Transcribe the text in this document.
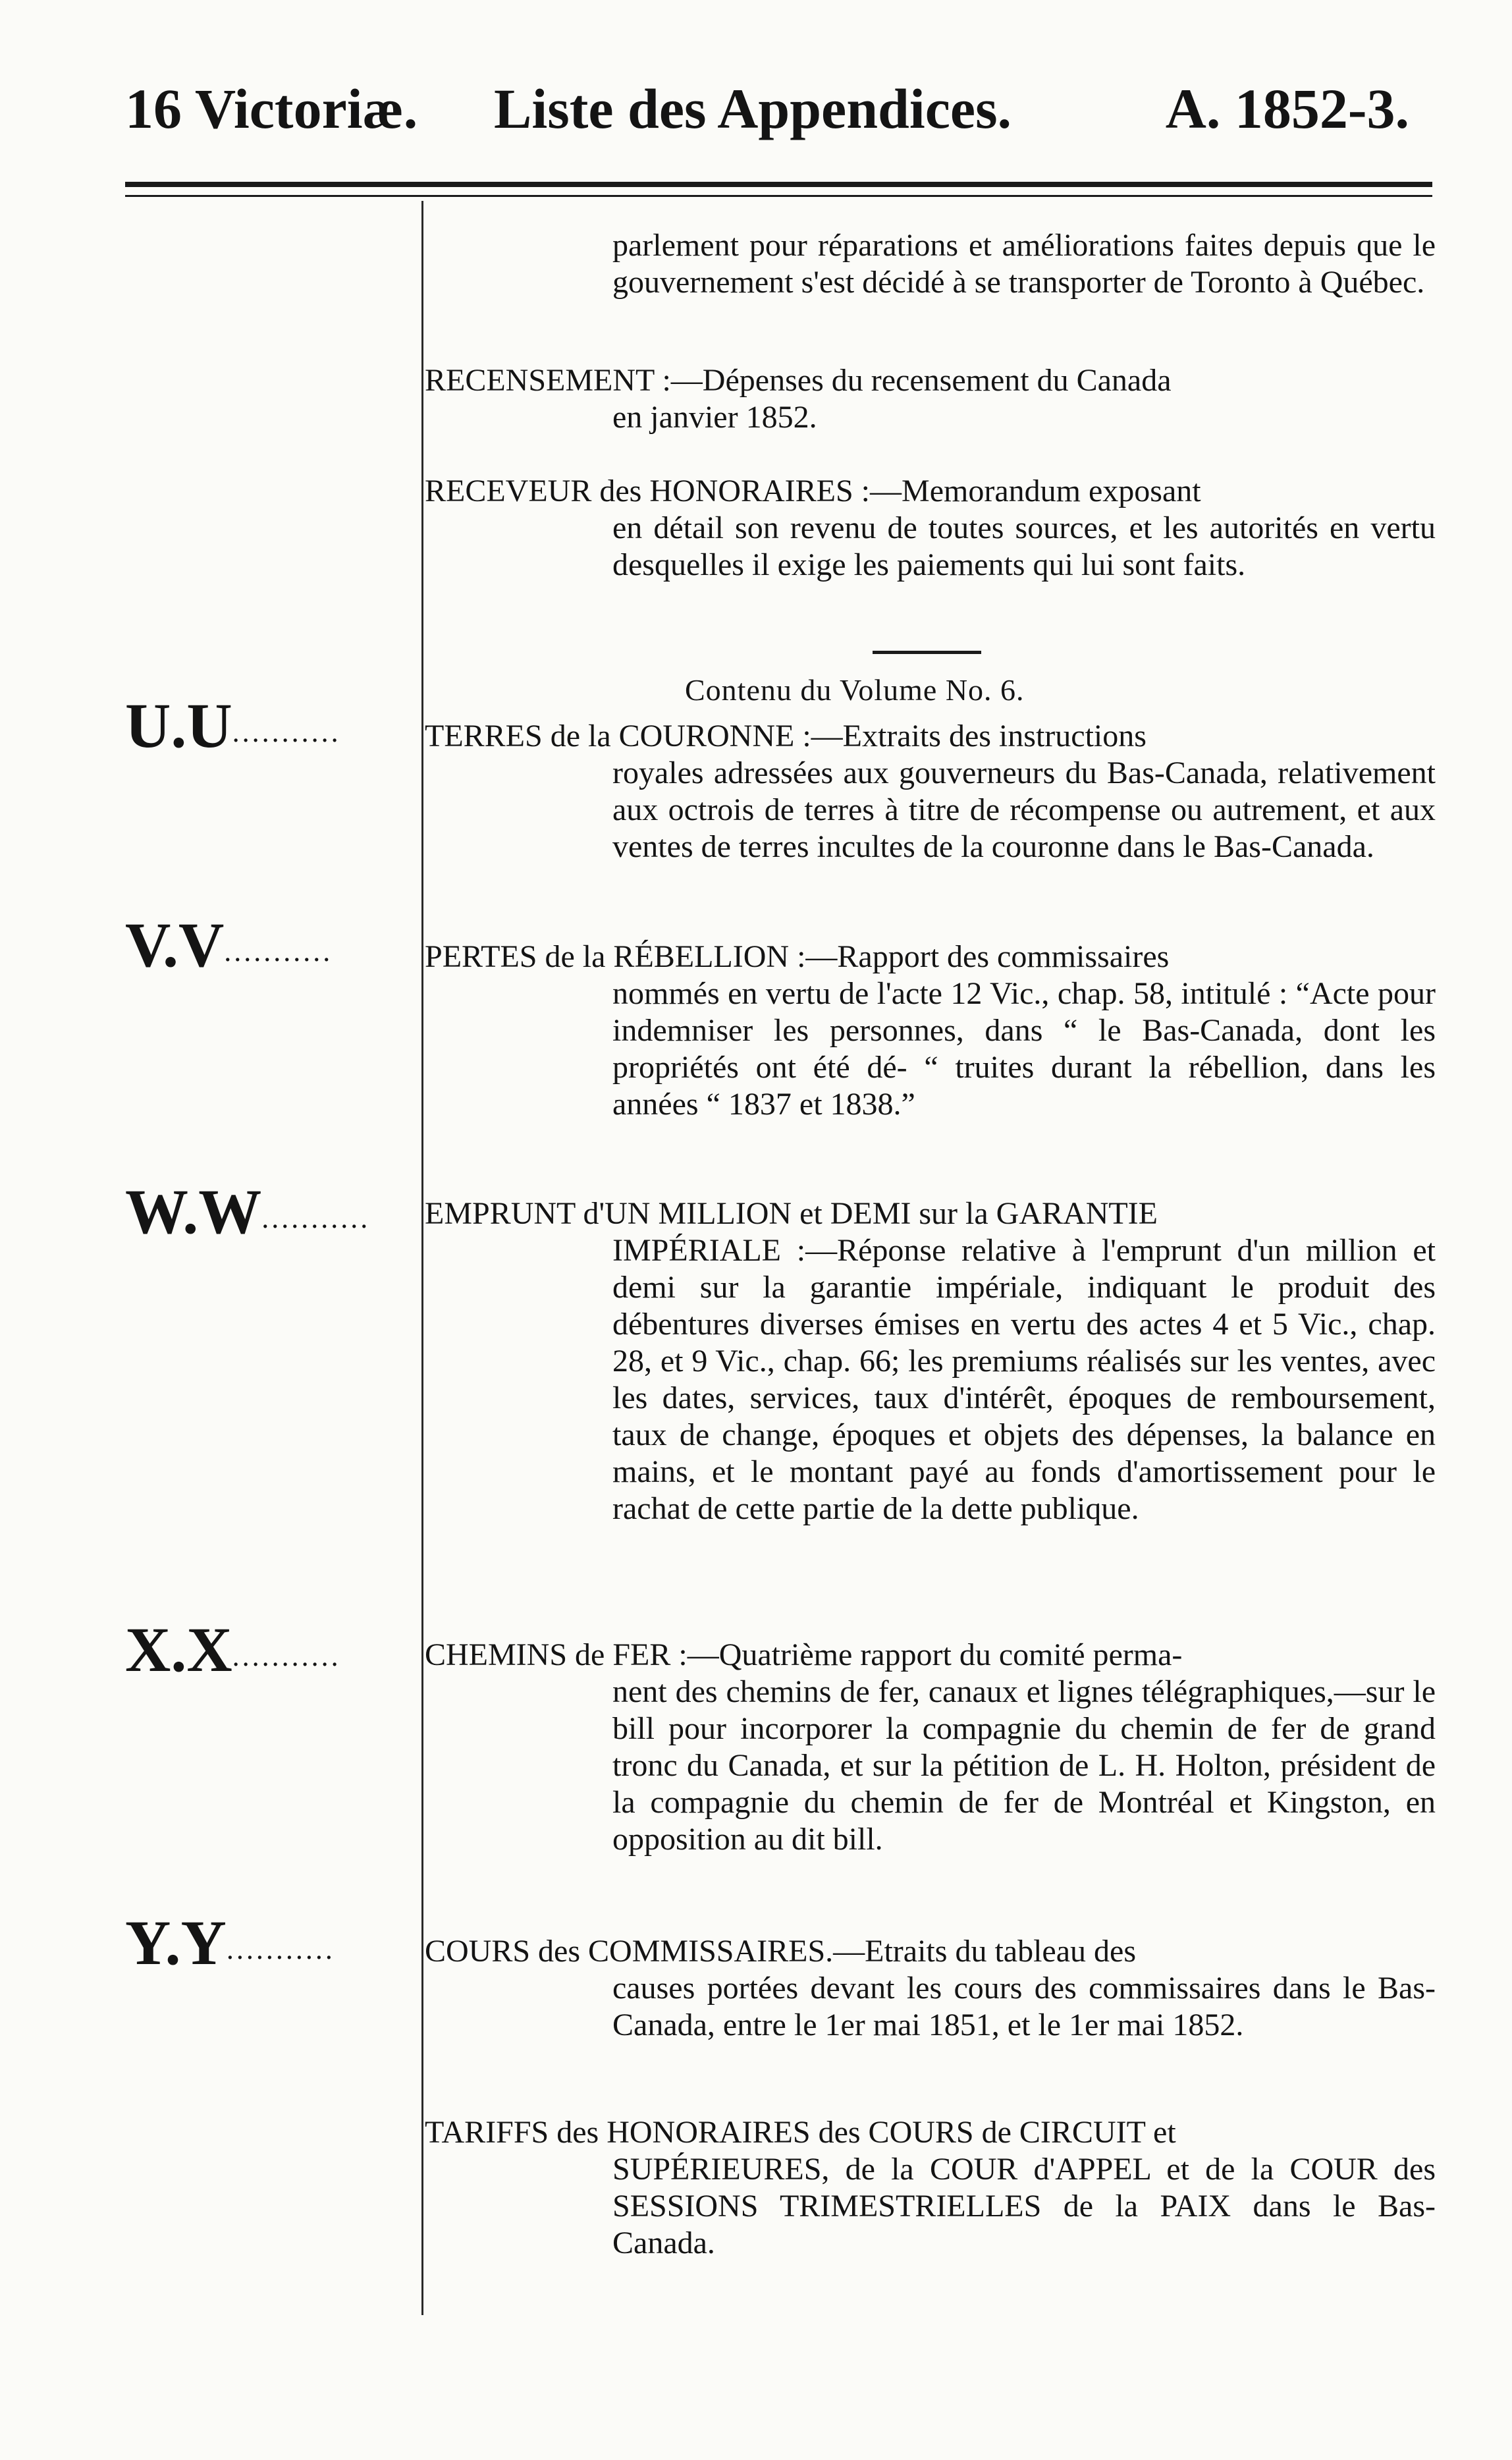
16 Victoriæ. Liste des Appendices.	A. 1852-3.
parlement pour réparations et améliorations faites depuis que le gouvernement s'est décidé à se transporter de Toronto à Québec.
RECENSEMENT :—Dépenses du recensement du Canada
en janvier 1852.
RECEVEUR des HONORAIRES :—Memorandum exposant
en détail son revenu de toutes sources, et les autorités en vertu desquelles il exige les paiements qui lui sont faits.
Contenu du Volume No. 6.
U.U...........
V.V...........
W.W...........
X.X...........
Y.Y...........
TERRES de la COURONNE :—Extraits des instructions
royales adressées aux gouverneurs du Bas-Canada, relativement aux octrois de terres à titre de récompense ou autrement, et aux ventes de terres incultes de la couronne dans le Bas-Canada.
PERTES de la RÉBELLION :—Rapport des commissaires
nommés en vertu de l'acte 12 Vic., chap. 58, intitulé : “Acte pour indemniser les personnes, dans “ le Bas-Canada, dont les propriétés ont été dé- “ truites durant la rébellion, dans les années “ 1837 et 1838.”
EMPRUNT d'UN MILLION et DEMI sur la GARANTIE
IMPÉRIALE :—Réponse relative à l'emprunt d'un million et demi sur la garantie impériale, indiquant le produit des débentures diverses émises en vertu des actes 4 et 5 Vic., chap. 28, et 9 Vic., chap. 66; les premiums réalisés sur les ventes, avec les dates, services, taux d'intérêt, époques de remboursement, taux de change, époques et objets des dépenses, la balance en mains, et le montant payé au fonds d'amortissement pour le rachat de cette partie de la dette publique.
CHEMINS de FER :—Quatrième rapport du comité perma-
nent des chemins de fer, canaux et lignes télégraphiques,—sur le bill pour incorporer la compagnie du chemin de fer de grand tronc du Canada, et sur la pétition de L. H. Holton, président de la compagnie du chemin de fer de Montréal et Kingston, en opposition au dit bill.
COURS des COMMISSAIRES.—Etraits du tableau des
causes portées devant les cours des commissaires dans le Bas-Canada, entre le 1er mai 1851, et le 1er mai 1852.
TARIFFS des HONORAIRES des COURS de CIRCUIT et
SUPÉRIEURES, de la COUR d'APPEL et de la COUR des SESSIONS TRIMESTRIELLES de la PAIX dans le Bas-Canada.
